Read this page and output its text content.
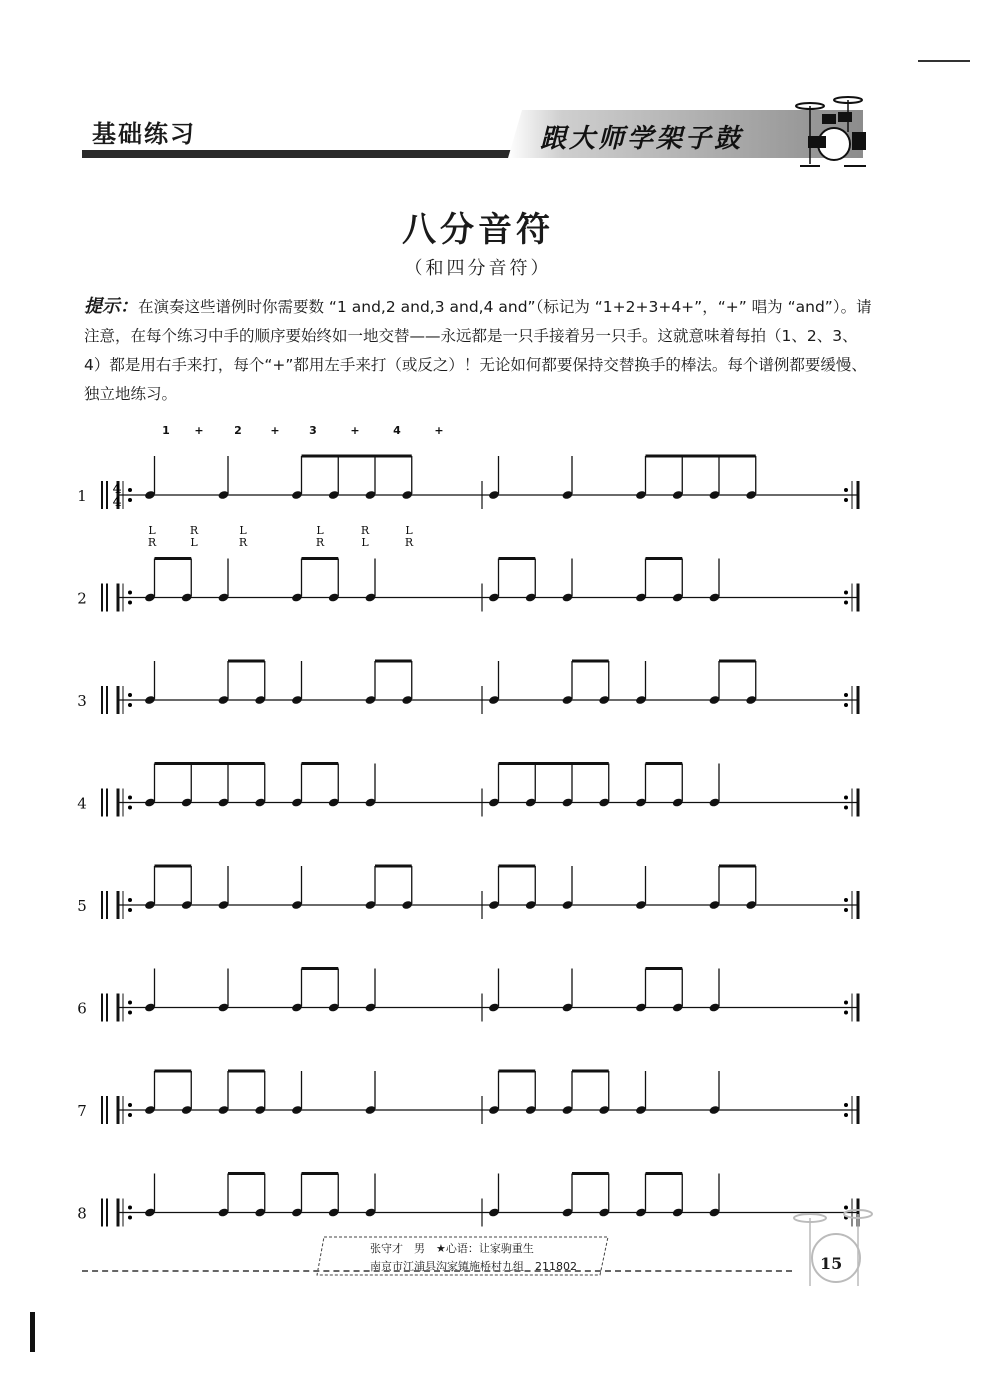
基础练习	跟大师学架子鼓
八分音符
（和四分音符）
提示：在演奏这些谱例时你需要数 “1 and,2 and,3 and,4 and”（标记为 “1+2+3+4+”，“+” 唱为 “and”）。请注意，在每个练习中手的顺序要始终如一地交替——永远都是一只手接着另一只手。这就意味着每拍（1、2、3、4）都是用右手来打，每个“+”都用左手来打（或反之）！无论如何都要保持交替换手的棒法。每个谱例都要缓慢、独立地练习。
1 +	2	+	3	+	4	+
L	R	L	L	R	L
R	L	R	R	L	R
4
4
1
2
3
4
5
6
7
8
张守才　男　★心语：让家驹重生
南京市江浦县沟家镇施桥村九组　211802	15
